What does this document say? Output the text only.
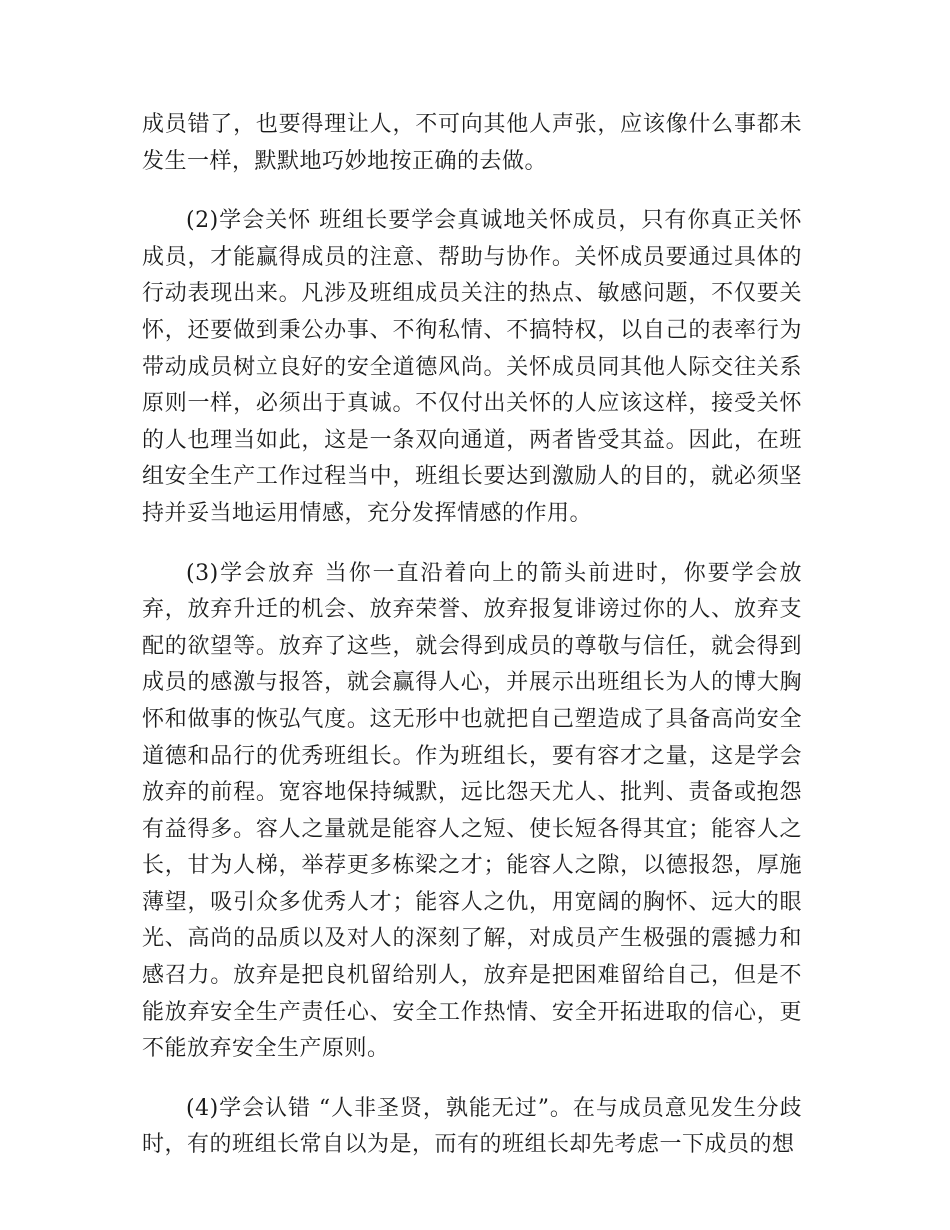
成员错了，也要得理让人，不可向其他人声张，应该像什么事都未发生一样，默默地巧妙地按正确的去做。

(2)学会关怀 班组长要学会真诚地关怀成员，只有你真正关怀成员，才能赢得成员的注意、帮助与协作。关怀成员要通过具体的行动表现出来。凡涉及班组成员关注的热点、敏感问题，不仅要关怀，还要做到秉公办事、不徇私情、不搞特权，以自己的表率行为带动成员树立良好的安全道德风尚。关怀成员同其他人际交往关系原则一样，必须出于真诚。不仅付出关怀的人应该这样，接受关怀的人也理当如此，这是一条双向通道，两者皆受其益。因此，在班组安全生产工作过程当中，班组长要达到激励人的目的，就必须坚持并妥当地运用情感，充分发挥情感的作用。

(3)学会放弃 当你一直沿着向上的箭头前进时，你要学会放弃，放弃升迁的机会、放弃荣誉、放弃报复诽谤过你的人、放弃支配的欲望等。放弃了这些，就会得到成员的尊敬与信任，就会得到成员的感激与报答，就会赢得人心，并展示出班组长为人的博大胸怀和做事的恢弘气度。这无形中也就把自己塑造成了具备高尚安全道德和品行的优秀班组长。作为班组长，要有容才之量，这是学会放弃的前程。宽容地保持缄默，远比怨天尤人、批判、责备或抱怨有益得多。容人之量就是能容人之短、使长短各得其宜；能容人之长，甘为人梯，举荐更多栋梁之才；能容人之隙，以德报怨，厚施薄望，吸引众多优秀人才；能容人之仇，用宽阔的胸怀、远大的眼光、高尚的品质以及对人的深刻了解，对成员产生极强的震撼力和感召力。放弃是把良机留给别人，放弃是把困难留给自己，但是不能放弃安全生产责任心、安全工作热情、安全开拓进取的信心，更不能放弃安全生产原则。

(4)学会认错 “人非圣贤，孰能无过”。在与成员意见发生分歧时，有的班组长常自以为是，而有的班组长却先考虑一下成员的想
